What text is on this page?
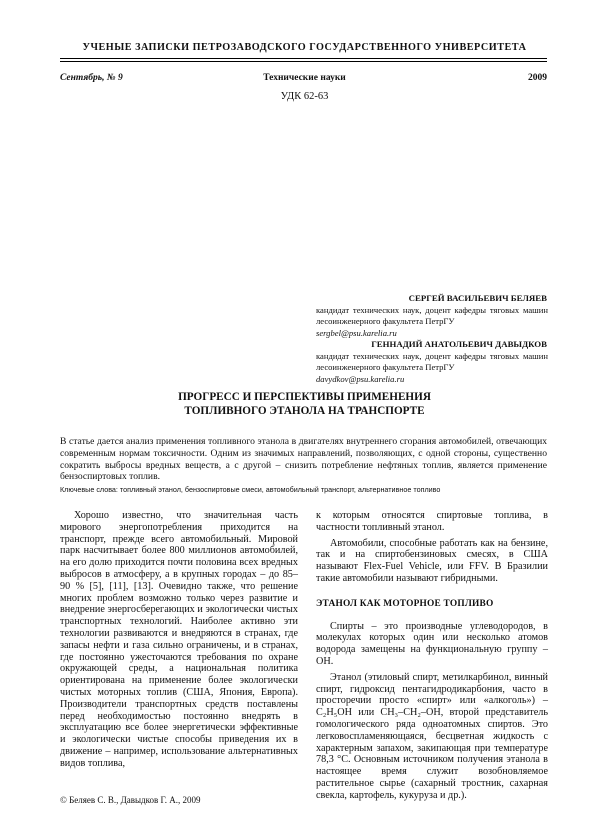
УЧЕНЫЕ ЗАПИСКИ ПЕТРОЗАВОДСКОГО ГОСУДАРСТВЕННОГО УНИВЕРСИТЕТА
Сентябрь, № 9	Технические науки	2009
УДК 62-63
СЕРГЕЙ ВАСИЛЬЕВИЧ БЕЛЯЕВ
кандидат технических наук, доцент кафедры тяговых машин лесоинженерного факультета ПетрГУ
sergbel@psu.karelia.ru
ГЕННАДИЙ АНАТОЛЬЕВИЧ ДАВЫДКОВ
кандидат технических наук, доцент кафедры тяговых машин лесоинженерного факультета ПетрГУ
davydkov@psu.karelia.ru
ПРОГРЕСС И ПЕРСПЕКТИВЫ ПРИМЕНЕНИЯ
ТОПЛИВНОГО ЭТАНОЛА НА ТРАНСПОРТЕ
В статье дается анализ применения топливного этанола в двигателях внутреннего сгорания автомобилей, отвечающих современным нормам токсичности. Одним из значимых направлений, позволяющих, с одной стороны, существенно сократить выбросы вредных веществ, а с другой – снизить потребление нефтяных топлив, является применение бензоспиртовых топлив.
Ключевые слова: топливный этанол, бензоспиртовые смеси, автомобильный транспорт, альтернативное топливо

Хорошо известно, что значительная часть мирового энергопотребления приходится на транспорт, прежде всего автомобильный. Мировой парк насчитывает более 800 миллионов автомобилей, на его долю приходится почти половина всех вредных выбросов в атмосферу, а в крупных городах – до 85–90 % [5], [11], [13]. Очевидно также, что решение многих проблем возможно только через развитие и внедрение энергосберегающих и экологически чистых транспортных технологий. Наиболее активно эти технологии развиваются и внедряются в странах, где запасы нефти и газа сильно ограничены, и в странах, где постоянно ужесточаются требования по охране окружающей среды, а национальная политика ориентирована на применение более экологически чистых моторных топлив (США, Япония, Европа). Производители транспортных средств поставлены перед необходимостью постоянно внедрять в эксплуатацию все более энергетически эффективные и экологически чистые способы приведения их в движение – например, использование альтернативных видов топлива,

к которым относятся спиртовые топлива, в частности топливный этанол.

Автомобили, способные работать как на бензине, так и на спиртобензиновых смесях, в США называют Flex-Fuel Vehicle, или FFV. В Бразилии такие автомобили называют гибридными.

ЭТАНОЛ КАК МОТОРНОЕ ТОПЛИВО

Спирты – это производные углеводородов, в молекулах которых один или несколько атомов водорода замещены на функциональную группу – OH.

Этанол (этиловый спирт, метилкарбинол, винный спирт, гидроксид пентагидродикарбония, часто в просторечии просто «спирт» или «алкоголь») – C₂H₅OH или CH₃–CH₂–OH, второй представитель гомологического ряда одноатомных спиртов. Это легковоспламеняющаяся, бесцветная жидкость с характерным запахом, закипающая при температуре 78,3 °C. Основным источником получения этанола в настоящее время служит возобновляемое растительное сырье (сахарный тростник, сахарная свекла, картофель, кукуруза и др.).

© Беляев С. В., Давыдков Г. А., 2009
